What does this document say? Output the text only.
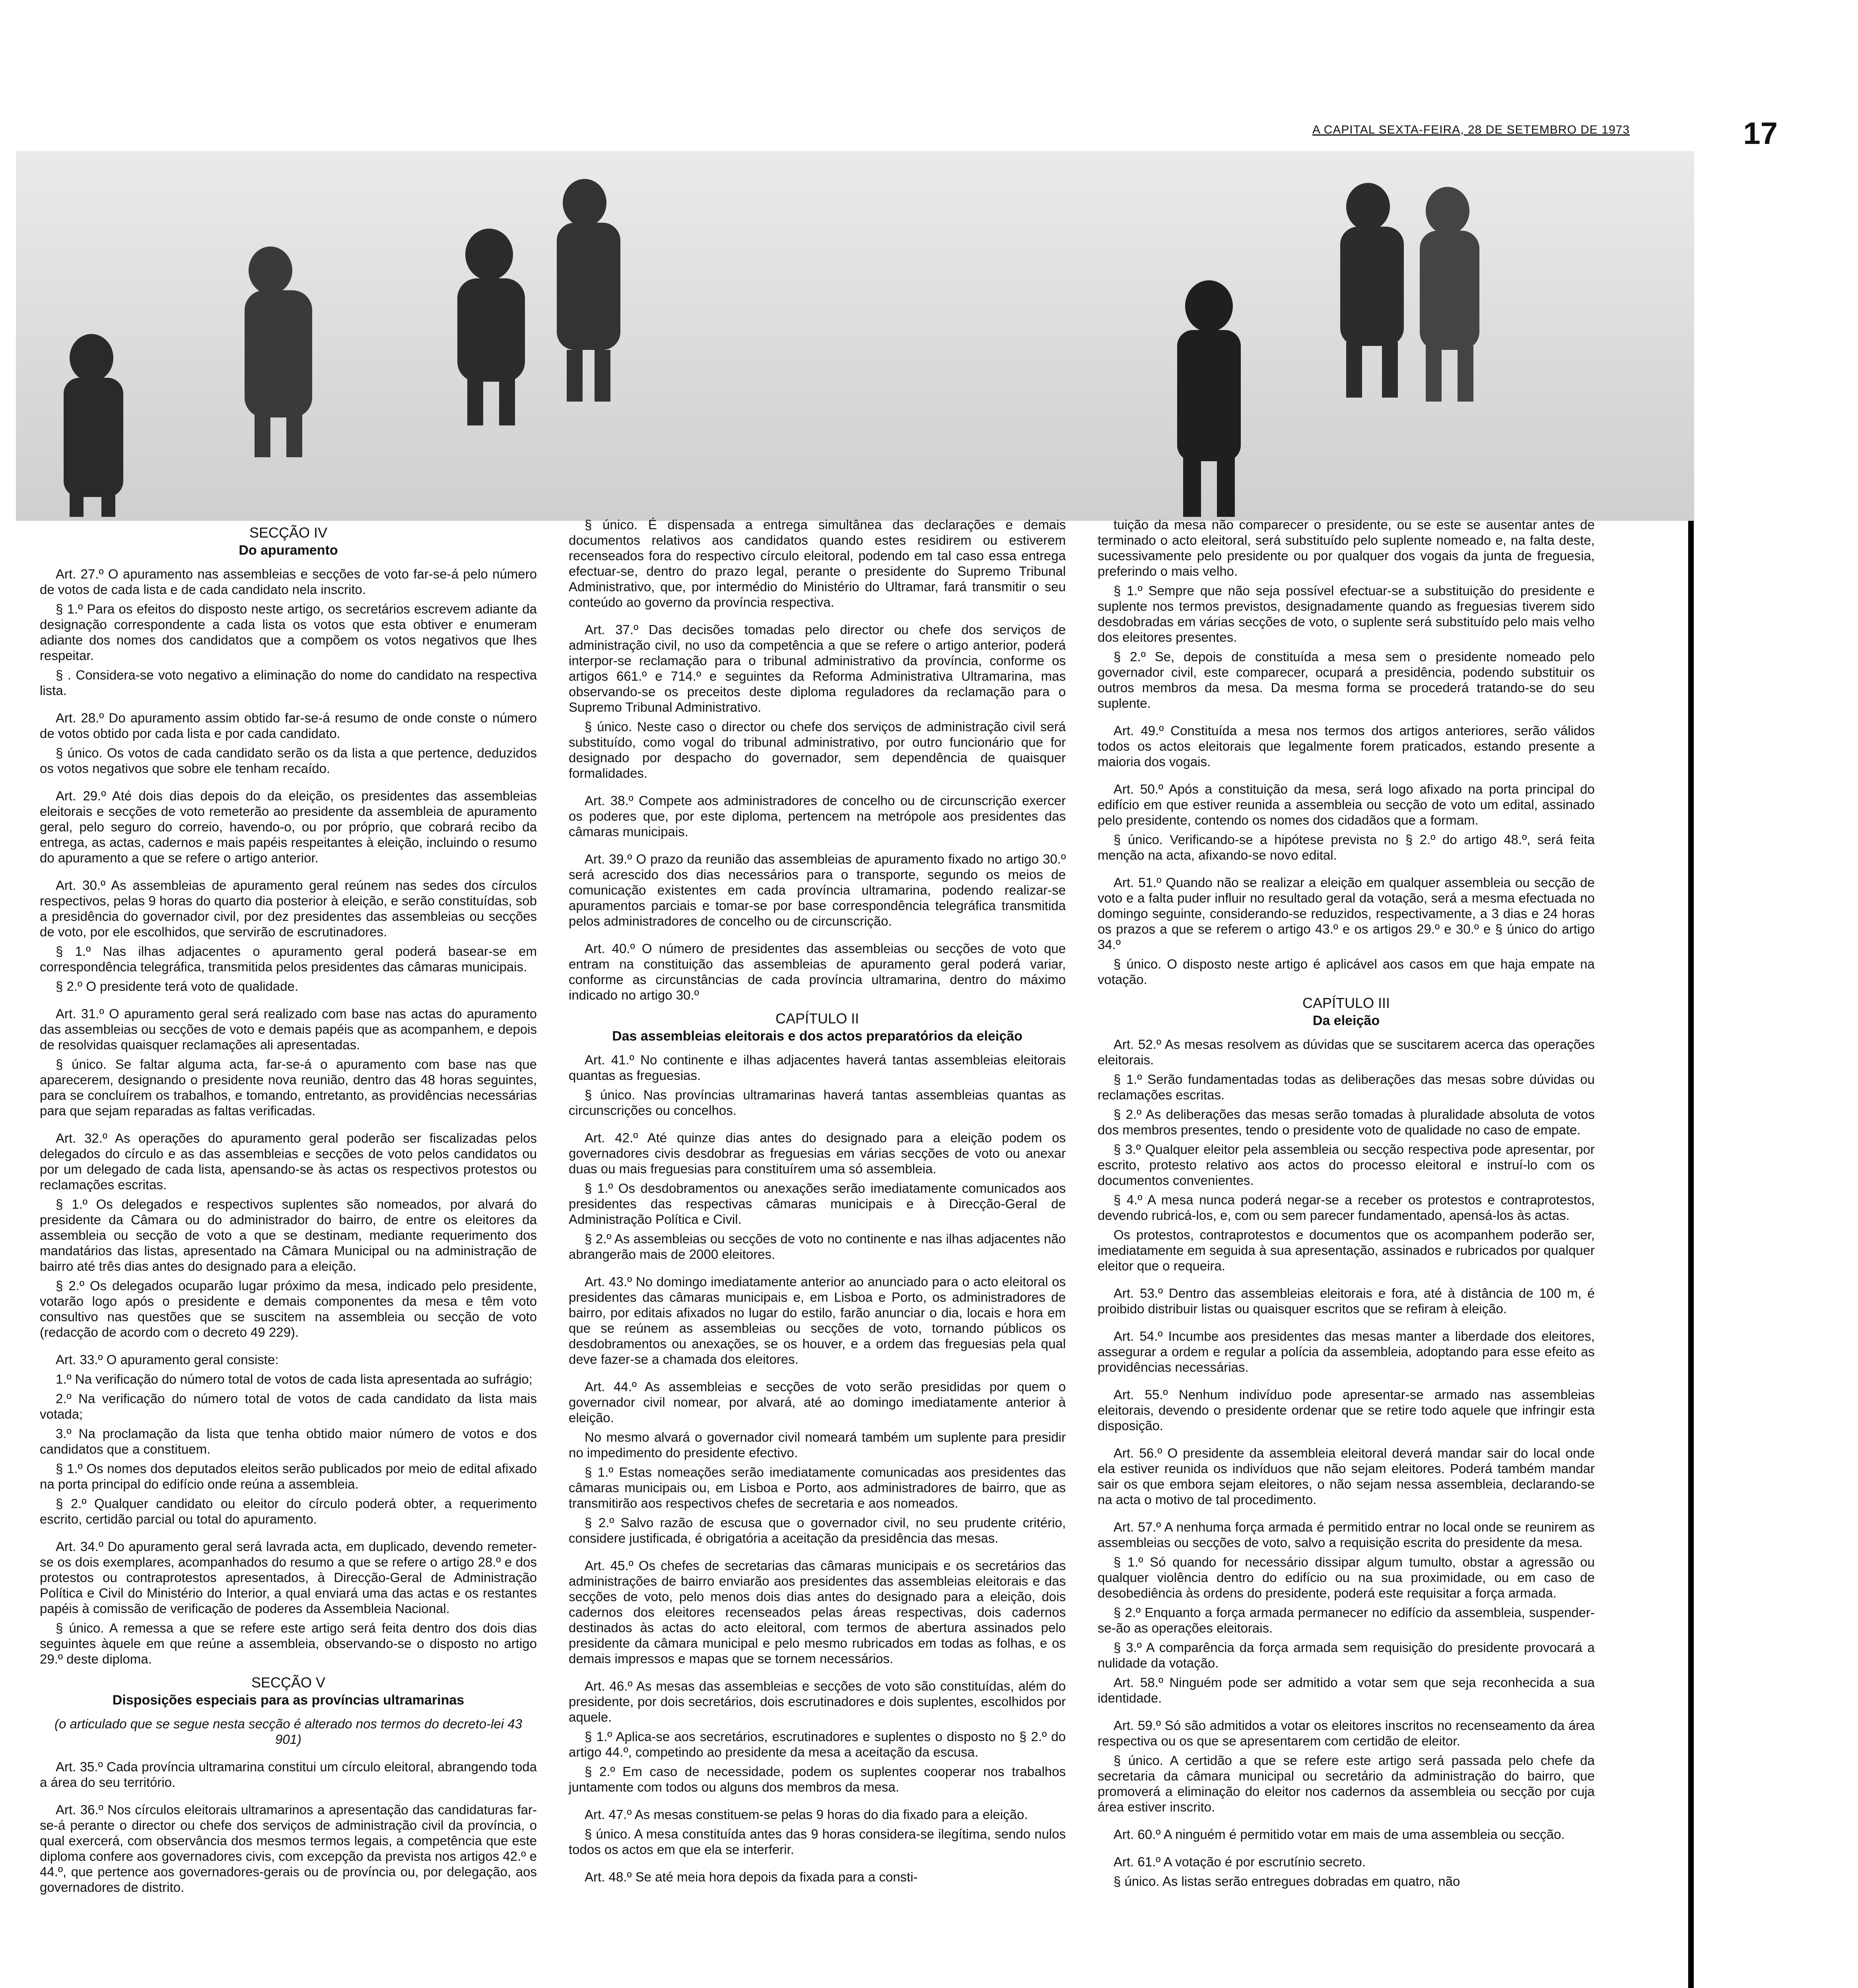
A CAPITAL SEXTA-FEIRA, 28 DE SETEMBRO DE 1973	17
SECÇÃO IV
Do apuramento

Art. 27.º O apuramento nas assembleias e secções de voto far-se-á pelo número de votos de cada lista e de cada candidato nela inscrito.

§ 1.º Para os efeitos do disposto neste artigo, os secretários escrevem adiante da designação correspondente a cada lista os votos que esta obtiver e enumeram adiante dos nomes dos candidatos que a compõem os votos negativos que lhes respeitar.

§ . Considera-se voto negativo a eliminação do nome do candidato na respectiva lista.

Art. 28.º Do apuramento assim obtido far-se-á resumo de onde conste o número de votos obtido por cada lista e por cada candidato.

§ único. Os votos de cada candidato serão os da lista a que pertence, deduzidos os votos negativos que sobre ele tenham recaído.

Art. 29.º Até dois dias depois do da eleição, os presidentes das assembleias eleitorais e secções de voto remeterão ao presidente da assembleia de apuramento geral, pelo seguro do correio, havendo-o, ou por próprio, que cobrará recibo da entrega, as actas, cadernos e mais papéis respeitantes à eleição, incluindo o resumo do apuramento a que se refere o artigo anterior.

Art. 30.º As assembleias de apuramento geral reúnem nas sedes dos círculos respectivos, pelas 9 horas do quarto dia posterior à eleição, e serão constituídas, sob a presidência do governador civil, por dez presidentes das assembleias ou secções de voto, por ele escolhidos, que servirão de escrutinadores.

§ 1.º Nas ilhas adjacentes o apuramento geral poderá basear-se em correspondência telegráfica, transmitida pelos presidentes das câmaras municipais.

§ 2.º O presidente terá voto de qualidade.

Art. 31.º O apuramento geral será realizado com base nas actas do apuramento das assembleias ou secções de voto e demais papéis que as acompanhem, e depois de resolvidas quaisquer reclamações ali apresentadas.

§ único. Se faltar alguma acta, far-se-á o apuramento com base nas que aparecerem, designando o presidente nova reunião, dentro das 48 horas seguintes, para se concluírem os trabalhos, e tomando, entretanto, as providências necessárias para que sejam reparadas as faltas verificadas.

Art. 32.º As operações do apuramento geral poderão ser fiscalizadas pelos delegados do círculo e as das assembleias e secções de voto pelos candidatos ou por um delegado de cada lista, apensando-se às actas os respectivos protestos ou reclamações escritas.

§ 1.º Os delegados e respectivos suplentes são nomeados, por alvará do presidente da Câmara ou do administrador do bairro, de entre os eleitores da assembleia ou secção de voto a que se destinam, mediante requerimento dos mandatários das listas, apresentado na Câmara Municipal ou na administração de bairro até três dias antes do designado para a eleição.

§ 2.º Os delegados ocuparão lugar próximo da mesa, indicado pelo presidente, votarão logo após o presidente e demais componentes da mesa e têm voto consultivo nas questões que se suscitem na assembleia ou secção de voto (redacção de acordo com o decreto 49 229).

Art. 33.º O apuramento geral consiste:

1.º Na verificação do número total de votos de cada lista apresentada ao sufrágio;

2.º Na verificação do número total de votos de cada candidato da lista mais votada;

3.º Na proclamação da lista que tenha obtido maior número de votos e dos candidatos que a constituem.

§ 1.º Os nomes dos deputados eleitos serão publicados por meio de edital afixado na porta principal do edifício onde reúna a assembleia.

§ 2.º Qualquer candidato ou eleitor do círculo poderá obter, a requerimento escrito, certidão parcial ou total do apuramento.

Art. 34.º Do apuramento geral será lavrada acta, em duplicado, devendo remeter-se os dois exemplares, acompanhados do resumo a que se refere o artigo 28.º e dos protestos ou contraprotestos apresentados, à Direcção-Geral de Administração Política e Civil do Ministério do Interior, a qual enviará uma das actas e os restantes papéis à comissão de verificação de poderes da Assembleia Nacional.

§ único. A remessa a que se refere este artigo será feita dentro dos dois dias seguintes àquele em que reúne a assembleia, observando-se o disposto no artigo 29.º deste diploma.

SECÇÃO V
Disposições especiais para as províncias ultramarinas

(o articulado que se segue nesta secção é alterado nos termos do decreto-lei 43 901)

Art. 35.º Cada província ultramarina constitui um círculo eleitoral, abrangendo toda a área do seu território.

Art. 36.º Nos círculos eleitorais ultramarinos a apresentação das candidaturas far-se-á perante o director ou chefe dos serviços de administração civil da província, o qual exercerá, com observância dos mesmos termos legais, a competência que este diploma confere aos governadores civis, com excepção da prevista nos artigos 42.º e 44.º, que pertence aos governadores-gerais ou de província ou, por delegação, aos governadores de distrito.

§ único. É dispensada a entrega simultânea das declarações e demais documentos relativos aos candidatos quando estes residirem ou estiverem recenseados fora do respectivo círculo eleitoral, podendo em tal caso essa entrega efectuar-se, dentro do prazo legal, perante o presidente do Supremo Tribunal Administrativo, que, por intermédio do Ministério do Ultramar, fará transmitir o seu conteúdo ao governo da província respectiva.

Art. 37.º Das decisões tomadas pelo director ou chefe dos serviços de administração civil, no uso da competência a que se refere o artigo anterior, poderá interpor-se reclamação para o tribunal administrativo da província, conforme os artigos 661.º e 714.º e seguintes da Reforma Administrativa Ultramarina, mas observando-se os preceitos deste diploma reguladores da reclamação para o Supremo Tribunal Administrativo.

§ único. Neste caso o director ou chefe dos serviços de administração civil será substituído, como vogal do tribunal administrativo, por outro funcionário que for designado por despacho do governador, sem dependência de quaisquer formalidades.

Art. 38.º Compete aos administradores de concelho ou de circunscrição exercer os poderes que, por este diploma, pertencem na metrópole aos presidentes das câmaras municipais.

Art. 39.º O prazo da reunião das assembleias de apuramento fixado no artigo 30.º será acrescido dos dias necessários para o transporte, segundo os meios de comunicação existentes em cada província ultramarina, podendo realizar-se apuramentos parciais e tomar-se por base correspondência telegráfica transmitida pelos administradores de concelho ou de circunscrição.

Art. 40.º O número de presidentes das assembleias ou secções de voto que entram na constituição das assembleias de apuramento geral poderá variar, conforme as circunstâncias de cada província ultramarina, dentro do máximo indicado no artigo 30.º

CAPÍTULO II
Das assembleias eleitorais e dos actos preparatórios da eleição

Art. 41.º No continente e ilhas adjacentes haverá tantas assembleias eleitorais quantas as freguesias.

§ único. Nas províncias ultramarinas haverá tantas assembleias quantas as circunscrições ou concelhos.

Art. 42.º Até quinze dias antes do designado para a eleição podem os governadores civis desdobrar as freguesias em várias secções de voto ou anexar duas ou mais freguesias para constituírem uma só assembleia.

§ 1.º Os desdobramentos ou anexações serão imediatamente comunicados aos presidentes das respectivas câmaras municipais e à Direcção-Geral de Administração Política e Civil.

§ 2.º As assembleias ou secções de voto no continente e nas ilhas adjacentes não abrangerão mais de 2000 eleitores.

Art. 43.º No domingo imediatamente anterior ao anunciado para o acto eleitoral os presidentes das câmaras municipais e, em Lisboa e Porto, os administradores de bairro, por editais afixados no lugar do estilo, farão anunciar o dia, locais e hora em que se reúnem as assembleias ou secções de voto, tornando públicos os desdobramentos ou anexações, se os houver, e a ordem das freguesias pela qual deve fazer-se a chamada dos eleitores.

Art. 44.º As assembleias e secções de voto serão presididas por quem o governador civil nomear, por alvará, até ao domingo imediatamente anterior à eleição.

No mesmo alvará o governador civil nomeará também um suplente para presidir no impedimento do presidente efectivo.

§ 1.º Estas nomeações serão imediatamente comunicadas aos presidentes das câmaras municipais ou, em Lisboa e Porto, aos administradores de bairro, que as transmitirão aos respectivos chefes de secretaria e aos nomeados.

§ 2.º Salvo razão de escusa que o governador civil, no seu prudente critério, considere justificada, é obrigatória a aceitação da presidência das mesas.

Art. 45.º Os chefes de secretarias das câmaras municipais e os secretários das administrações de bairro enviarão aos presidentes das assembleias eleitorais e das secções de voto, pelo menos dois dias antes do designado para a eleição, dois cadernos dos eleitores recenseados pelas áreas respectivas, dois cadernos destinados às actas do acto eleitoral, com termos de abertura assinados pelo presidente da câmara municipal e pelo mesmo rubricados em todas as folhas, e os demais impressos e mapas que se tornem necessários.

Art. 46.º As mesas das assembleias e secções de voto são constituídas, além do presidente, por dois secretários, dois escrutinadores e dois suplentes, escolhidos por aquele.

§ 1.º Aplica-se aos secretários, escrutinadores e suplentes o disposto no § 2.º do artigo 44.º, competindo ao presidente da mesa a aceitação da escusa.

§ 2.º Em caso de necessidade, podem os suplentes cooperar nos trabalhos juntamente com todos ou alguns dos membros da mesa.

Art. 47.º As mesas constituem-se pelas 9 horas do dia fixado para a eleição.

§ único. A mesa constituída antes das 9 horas considera-se ilegítima, sendo nulos todos os actos em que ela se interferir.

Art. 48.º Se até meia hora depois da fixada para a consti-

tuição da mesa não comparecer o presidente, ou se este se ausentar antes de terminado o acto eleitoral, será substituído pelo suplente nomeado e, na falta deste, sucessivamente pelo presidente ou por qualquer dos vogais da junta de freguesia, preferindo o mais velho.

§ 1.º Sempre que não seja possível efectuar-se a substituição do presidente e suplente nos termos previstos, designadamente quando as freguesias tiverem sido desdobradas em várias secções de voto, o suplente será substituído pelo mais velho dos eleitores presentes.

§ 2.º Se, depois de constituída a mesa sem o presidente nomeado pelo governador civil, este comparecer, ocupará a presidência, podendo substituir os outros membros da mesa. Da mesma forma se procederá tratando-se do seu suplente.

Art. 49.º Constituída a mesa nos termos dos artigos anteriores, serão válidos todos os actos eleitorais que legalmente forem praticados, estando presente a maioria dos vogais.

Art. 50.º Após a constituição da mesa, será logo afixado na porta principal do edifício em que estiver reunida a assembleia ou secção de voto um edital, assinado pelo presidente, contendo os nomes dos cidadãos que a formam.

§ único. Verificando-se a hipótese prevista no § 2.º do artigo 48.º, será feita menção na acta, afixando-se novo edital.

Art. 51.º Quando não se realizar a eleição em qualquer assembleia ou secção de voto e a falta puder influir no resultado geral da votação, será a mesma efectuada no domingo seguinte, considerando-se reduzidos, respectivamente, a 3 dias e 24 horas os prazos a que se referem o artigo 43.º e os artigos 29.º e 30.º e § único do artigo 34.º

§ único. O disposto neste artigo é aplicável aos casos em que haja empate na votação.

CAPÍTULO III
Da eleição

Art. 52.º As mesas resolvem as dúvidas que se suscitarem acerca das operações eleitorais.

§ 1.º Serão fundamentadas todas as deliberações das mesas sobre dúvidas ou reclamações escritas.

§ 2.º As deliberações das mesas serão tomadas à pluralidade absoluta de votos dos membros presentes, tendo o presidente voto de qualidade no caso de empate.

§ 3.º Qualquer eleitor pela assembleia ou secção respectiva pode apresentar, por escrito, protesto relativo aos actos do processo eleitoral e instruí-lo com os documentos convenientes.

§ 4.º A mesa nunca poderá negar-se a receber os protestos e contraprotestos, devendo rubricá-los, e, com ou sem parecer fundamentado, apensá-los às actas.

Os protestos, contraprotestos e documentos que os acompanhem poderão ser, imediatamente em seguida à sua apresentação, assinados e rubricados por qualquer eleitor que o requeira.

Art. 53.º Dentro das assembleias eleitorais e fora, até à distância de 100 m, é proibido distribuir listas ou quaisquer escritos que se refiram à eleição.

Art. 54.º Incumbe aos presidentes das mesas manter a liberdade dos eleitores, assegurar a ordem e regular a polícia da assembleia, adoptando para esse efeito as providências necessárias.

Art. 55.º Nenhum indivíduo pode apresentar-se armado nas assembleias eleitorais, devendo o presidente ordenar que se retire todo aquele que infringir esta disposição.

Art. 56.º O presidente da assembleia eleitoral deverá mandar sair do local onde ela estiver reunida os indivíduos que não sejam eleitores. Poderá também mandar sair os que embora sejam eleitores, o não sejam nessa assembleia, declarando-se na acta o motivo de tal procedimento.

Art. 57.º A nenhuma força armada é permitido entrar no local onde se reunirem as assembleias ou secções de voto, salvo a requisição escrita do presidente da mesa.

§ 1.º Só quando for necessário dissipar algum tumulto, obstar a agressão ou qualquer violência dentro do edifício ou na sua proximidade, ou em caso de desobediência às ordens do presidente, poderá este requisitar a força armada.

§ 2.º Enquanto a força armada permanecer no edifício da assembleia, suspender-se-ão as operações eleitorais.

§ 3.º A comparência da força armada sem requisição do presidente provocará a nulidade da votação.

Art. 58.º Ninguém pode ser admitido a votar sem que seja reconhecida a sua identidade.

Art. 59.º Só são admitidos a votar os eleitores inscritos no recenseamento da área respectiva ou os que se apresentarem com certidão de eleitor.

§ único. A certidão a que se refere este artigo será passada pelo chefe da secretaria da câmara municipal ou secretário da administração do bairro, que promoverá a eliminação do eleitor nos cadernos da assembleia ou secção por cuja área estiver inscrito.

Art. 60.º A ninguém é permitido votar em mais de uma assembleia ou secção.

Art. 61.º A votação é por escrutínio secreto.

§ único. As listas serão entregues dobradas em quatro, não
